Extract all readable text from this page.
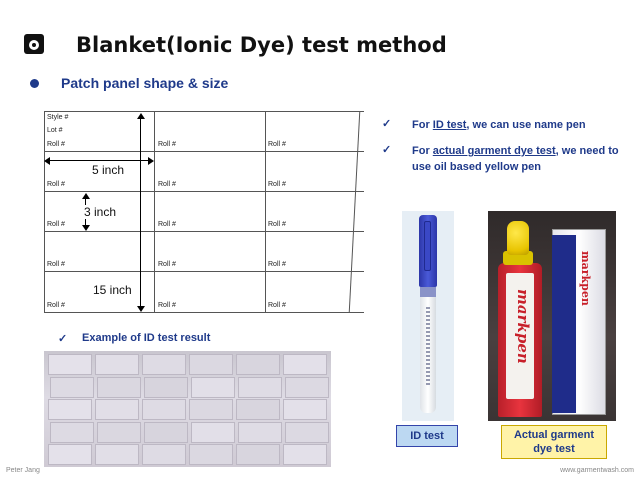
Blanket(Ionic Dye) test method
Patch panel shape & size
Style #
Lot #
Roll #	Roll #	Roll #
Roll #	Roll #	Roll #
Roll #	Roll #	Roll #
Roll #	Roll #	Roll #
Roll #	Roll #	Roll #
5 inch
3 inch
15 inch
✓ For ID test, we can use name pen
✓ For actual garment dye test, we need to use oil based yellow pen
✓ Example of ID test result	markpen
markpen
ID test	Actual garment dye test
Peter Jang	www.garmentwash.com
